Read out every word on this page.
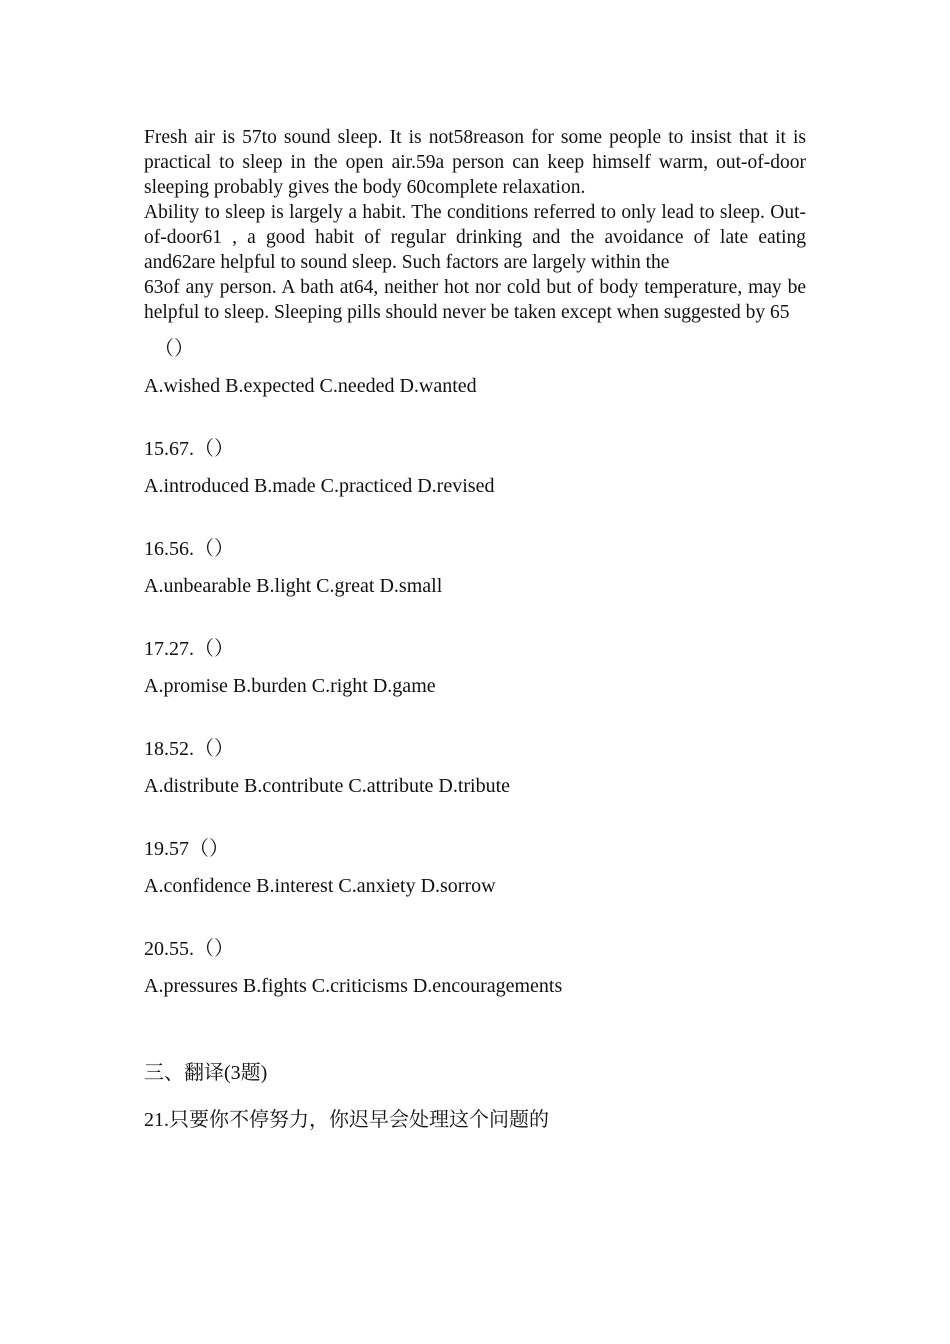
Fresh air is 57to sound sleep. It is not58reason for some people to insist that it is practical to sleep in the open air.59a person can keep himself warm, out-of-door sleeping probably gives the body 60complete relaxation.

Ability to sleep is largely a habit. The conditions referred to only lead to sleep. Out-of-door61 , a good habit of regular drinking and the avoidance of late eating and62are helpful to sound sleep. Such factors are largely within the

63of any person. A bath at64, neither hot nor cold but of body temperature, may be helpful to sleep. Sleeping pills should never be taken except when suggested by 65

（）
A.wished B.expected C.needed D.wanted
15.67.（）
A.introduced B.made C.practiced D.revised
16.56.（）
A.unbearable B.light C.great D.small
17.27.（）
A.promise B.burden C.right D.game
18.52.（）
A.distribute B.contribute C.attribute D.tribute
19.57（）
A.confidence B.interest C.anxiety D.sorrow
20.55.（）
A.pressures B.fights C.criticisms D.encouragements
三、翻译(3题)
21.只要你不停努力，你迟早会处理这个问题的
